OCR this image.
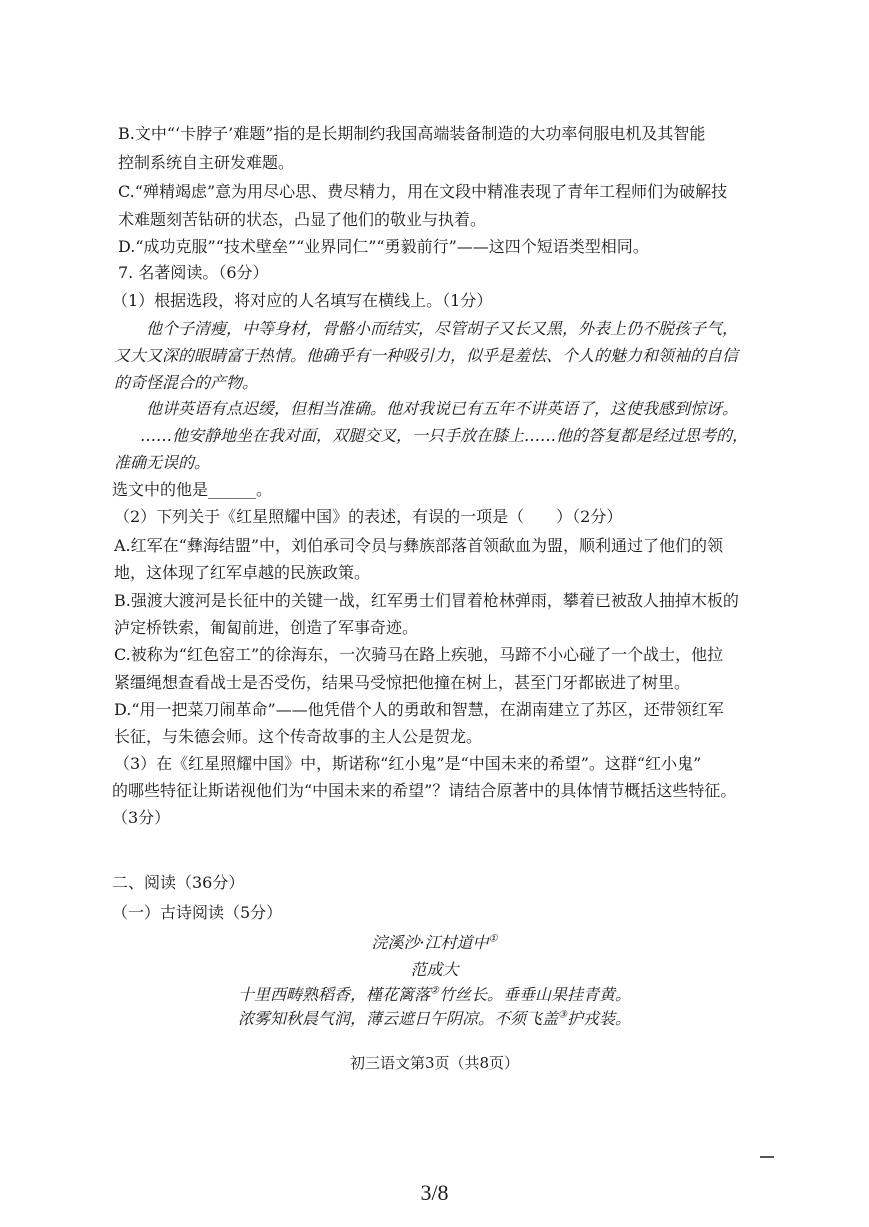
B.文中“‘卡脖子’难题”指的是长期制约我国高端装备制造的大功率伺服电机及其智能
控制系统自主研发难题。
C.“殚精竭虑”意为用尽心思、费尽精力，用在文段中精准表现了青年工程师们为破解技
术难题刻苦钻研的状态，凸显了他们的敬业与执着。
D.“成功克服”“技术壁垒”“业界同仁”“勇毅前行”——这四个短语类型相同。
7. 名著阅读。（6分）
（1）根据选段，将对应的人名填写在横线上。（1分）
他个子清瘦，中等身材，骨骼小而结实，尽管胡子又长又黑，外表上仍不脱孩子气，
又大又深的眼睛富于热情。他确乎有一种吸引力，似乎是羞怯、个人的魅力和领袖的自信
的奇怪混合的产物。
他讲英语有点迟缓，但相当准确。他对我说已有五年不讲英语了，这使我感到惊讶。
……他安静地坐在我对面，双腿交叉，一只手放在膝上……他的答复都是经过思考的，
准确无误的。
选文中的他是______。
（2）下列关于《红星照耀中国》的表述，有误的一项是（　　）（2分）
A.红军在“彝海结盟”中，刘伯承司令员与彝族部落首领歃血为盟，顺利通过了他们的领
地，这体现了红军卓越的民族政策。
B.强渡大渡河是长征中的关键一战，红军勇士们冒着枪林弹雨，攀着已被敌人抽掉木板的
泸定桥铁索，匍匐前进，创造了军事奇迹。
C.被称为“红色窑工”的徐海东，一次骑马在路上疾驰，马蹄不小心碰了一个战士，他拉
紧缰绳想查看战士是否受伤，结果马受惊把他撞在树上，甚至门牙都嵌进了树里。
D.“用一把菜刀闹革命”——他凭借个人的勇敢和智慧，在湖南建立了苏区，还带领红军
长征，与朱德会师。这个传奇故事的主人公是贺龙。
（3）在《红星照耀中国》中，斯诺称“红小鬼”是“中国未来的希望”。这群“红小鬼”
的哪些特征让斯诺视他们为“中国未来的希望”？请结合原著中的具体情节概括这些特征。
（3分）
二、阅读（36分）
（一）古诗阅读（5分）
浣溪沙·江村道中①
范成大
十里西畴熟稻香，槿花篱落②竹丝长。垂垂山果挂青黄。
浓雾知秋晨气润，薄云遮日午阴凉。不须飞盖③护戎装。
初三语文第3页（共8页）
3/8
